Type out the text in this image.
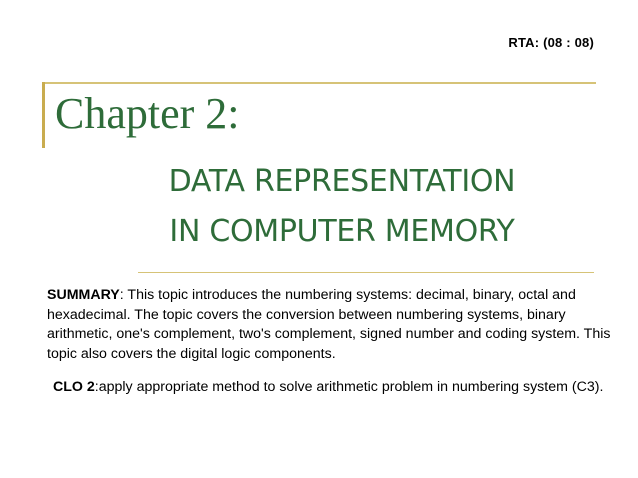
RTA: (08 : 08)
Chapter 2:
DATA REPRESENTATION
IN COMPUTER MEMORY
SUMMARY: This topic introduces the numbering systems: decimal, binary, octal and hexadecimal. The topic covers the conversion between numbering systems, binary arithmetic, one's complement, two's complement, signed number and coding system. This topic also covers the digital logic components.
CLO 2:apply appropriate method to solve arithmetic problem in numbering system (C3).
